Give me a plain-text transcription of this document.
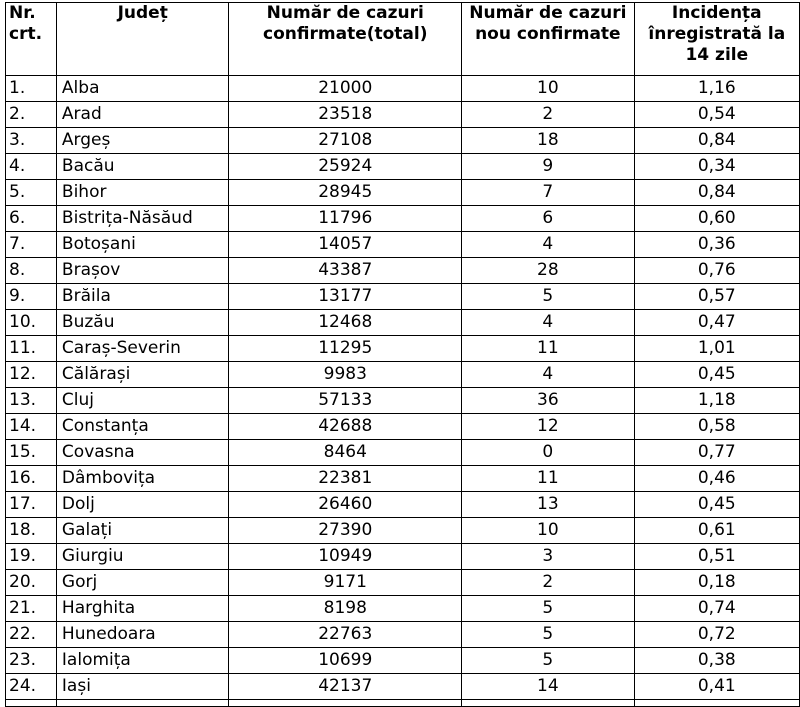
Nr. crt.	Județ	Număr de cazuri confirmate(total)	Număr de cazuri nou confirmate	Incidența înregistrată la 14 zile
1.	Alba	21000	10	1,16
2.	Arad	23518	2	0,54
3.	Argeș	27108	18	0,84
4.	Bacău	25924	9	0,34
5.	Bihor	28945	7	0,84
6.	Bistrița-Năsăud	11796	6	0,60
7.	Botoșani	14057	4	0,36
8.	Brașov	43387	28	0,76
9.	Brăila	13177	5	0,57
10.	Buzău	12468	4	0,47
11.	Caraș-Severin	11295	11	1,01
12.	Călărași	9983	4	0,45
13.	Cluj	57133	36	1,18
14.	Constanța	42688	12	0,58
15.	Covasna	8464	0	0,77
16.	Dâmbovița	22381	11	0,46
17.	Dolj	26460	13	0,45
18.	Galați	27390	10	0,61
19.	Giurgiu	10949	3	0,51
20.	Gorj	9171	2	0,18
21.	Harghita	8198	5	0,74
22.	Hunedoara	22763	5	0,72
23.	Ialomița	10699	5	0,38
24.	Iași	42137	14	0,41
